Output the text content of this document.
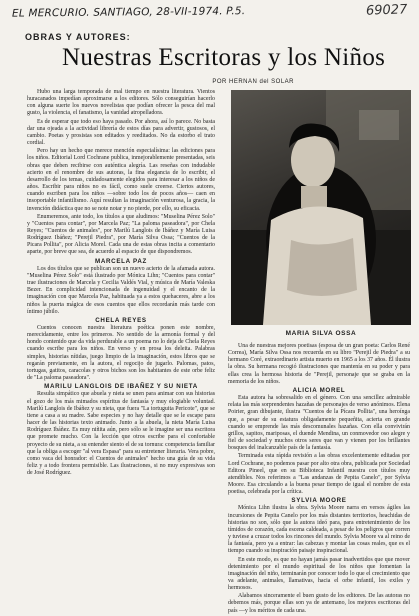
EL MERCURIO. SANTIAGO, 28-VII-1974. P.5.	69027
OBRAS Y AUTORES:
Nuestras Escritoras y los Niños
POR HERNAN del SOLAR

Hubo una larga temporada de mal tiempo en nuestra literatura. Vientos huracanados impedían aproximarse a los editores. Sólo conseguirían hacerlo con alguna suerte los nuevos novelistas que podían ofrecer la pesca del mal gusto, la violencia, el fanatismo, la vanidad atropelladora.

Es de esperar que todo eso haya pasado. Por ahora, así lo parece. No basta dar una ojeada a la actividad librería de estos días para advertir, gustosos, el cambio. Poetas y prosistas son editados y reeditados. No da estorbo el trato cordial.

Pero hay un hecho que merece mención especialísima: las ediciones para los niños. Editorial Lord Cochrane publica, inmejorablemente presentadas, seis obras que deben recibirse con auténtica alegría. Las reseñas con indudable acierto en el renombre de sus autoras, la fina elegancia de lo escribir, el desarrollo de los temas, cuidadosamente elegidos para interesar a los niños de años. Escribir para niños no es fácil, como suele creerse. Ciertos autores, cuando escriben para los niños —sobre todo los de pocos años— caen en insoportable infantilismo. Aquí resultan la imaginación venturosa, la gracia, la invención didáctica que no se note notar y no pierde, por ello, su eficacia.

Enumeremos, ante todo, los títulos a que aludimos: "Muselina Pérez Solo" y "Cuentos para contar", por Marcela Paz; "La paloma paseadora", por Chela Reyes; "Cuentos de animales", por Marilú Langlois de Ibáñez y María Luisa Rodríguez Ibáñez; "Perejil Piedra", por María Silva Ossa; "Cuentos de la Picara Pollita", por Alicia Morel. Cada una de estas obras incita a comentario aparte, por breve que sea, de acuerdo al espacio de que dispondremos.

MARCELA PAZ

Los dos títulos que se publican son un nuevo acierto de la afamada autora. "Muselina Pérez Solo" está ilustrado por Mónica Lihn; "Cuentos para contar" trae ilustraciones de Marcela y Cecilia Valdés Vial, y música de María Valeska Bezer. En complicidad intencionada de ingenuidad y el encanto de la imaginación con que Marcela Paz, habituada ya a estos quehaceres, abre a los niños la puerta mágica de esos cuentos que ellos recordarán más tarde con íntimo júbilo.

CHELA REYES

Cuentos conocen nuestra literatura poética ponen este nombre, merecidamente, entre los primeros. No sentido de la armonía formal y del hondo contenido que da vida perdurable a un poema no lo deja de Chela Reyes cuando escribe para los niños. En verso y en prosa los deleita. Palabras simples, historias nítidas, juego limpio de la imaginación, estos libros que se regarán previamente, en la autora, el regocijo de jugarlo. Palomas, patos, tortugas, gatitos, caracolas y otros bichos son los habitantes de este orbe feliz de "La paloma paseadora".

MARILU LANGLOIS DE IBAÑEZ Y SU NIETA

Resulta simpático que abuela y nieta se unen para animar con sus historias el gozo de los más mimados espíritus de fantasía y muy elogiable voluntad. Marilú Langlois de Ibáñez y su nieta, que fuera "La tortuguita Pericote", que se tiene a casa a su madre. Sabe especies y no hay detalle que se le escape para hacer de las historias texto animado. Junto a la abuela, la nieta María Luisa Rodríguez Ibáñez. Es muy niñita aún, pero sólo se le imagine ser una escritora que promete mucho. Con la lección que otros escribe para el confortable proyecto de su nieta, a su entender siento el de su tornura: competencia familiar que la obliga a escoger "al vera Espasa" para su entretener literaria. Vera pobre, como vaca del honrador: el Cuentos de animales" hecho una guía de su vida feliz y a todo frontera permisible. Las ilustraciones, si no muy expresivas son de José Rodríguez.

MARIA SILVA OSSA

Una de nuestras mejores poetisas (esposa de un gran poeta: Carlos René Correa), María Silva Ossa nos recuerda en su libro "Perejil de Piedra" a su hermano Coré, extraordinario artista muerto en 1965 a los 37 años. Él ilustra la obra. Su hermana recogió ilustraciones que mantenía en su poder y para ellas crea la hermosa historia de "Perejil, personaje que se graba en la memoria de los niños.

ALICIA MOREL

Esta autora ha sobresalido en el género. Con una sencillez admirable relata las más sorprendentes hazañas de personajes de verso anónimos. Elena Poirier, gran dibujante, ilustra "Cuentos de la Pícara Pollita", una heroínga que, a pesar de su estatura obligadamente pequeñita, acierta en grande cuando se emprende las más descomunales hazañas. Con ella convivirán grillos, sapitos, mariposas, el duende Mendina, un conmovedor oso alegre y fiel de sociedad y muchos otros seres que van y vienen por los brillantes bosques del inalcanzable país de la fantasía.

Terminada esta rápida revisión a las obras excelentemente editadas por Lord Cochrane, no podemos pasar por alto otra obra, publicada por Sociedad Editora Pineel, que en su Biblioteca Infantil nuestra con títulos muy atendibles. Nos referimos a "Las andanzas de Pepita Canelo", por Sylvia Moore. Esa circulando a la buena pesar tiempo de igual el nombre de esta poetisa, celebrada por la crítica.

SYLVIA MOORE

Mónica Lihn ilustra la obra. Sylvia Moore narra en versos ágiles las incursiones de Pepita Canelo por los más distantes territorios, heachidas de historias no son, sólo que la autora ideó para, para entretenimiento de los tímidos de corazón, cada escena caldeada, a pesar de los peligros que corren y tuviese a cruzar todos los rincones del mundo. Sylvia Moore va al reino de la fantasía, pero ya a entrar: las cabezas y montar las cosas reales, que es el tiempo cuando su inspiración paisaje inspiracional.

En este modo, es que no hayan jamás pasar inadvertidos que que mover detenimiento por el mundo espiritual de los niños que fomentan la imaginación del niño, terminarán por conocer todo lo que el crecimiento que va adelante, animales, llamativas, hacia el orbe infantil, los exiles y hermosos.

Alabamos sinceramente el buen gusto de los editores. De las autoras no debemos más, porque ellas son ya de antemano, los mejores escritoras del país —y los méritos de cada una.
